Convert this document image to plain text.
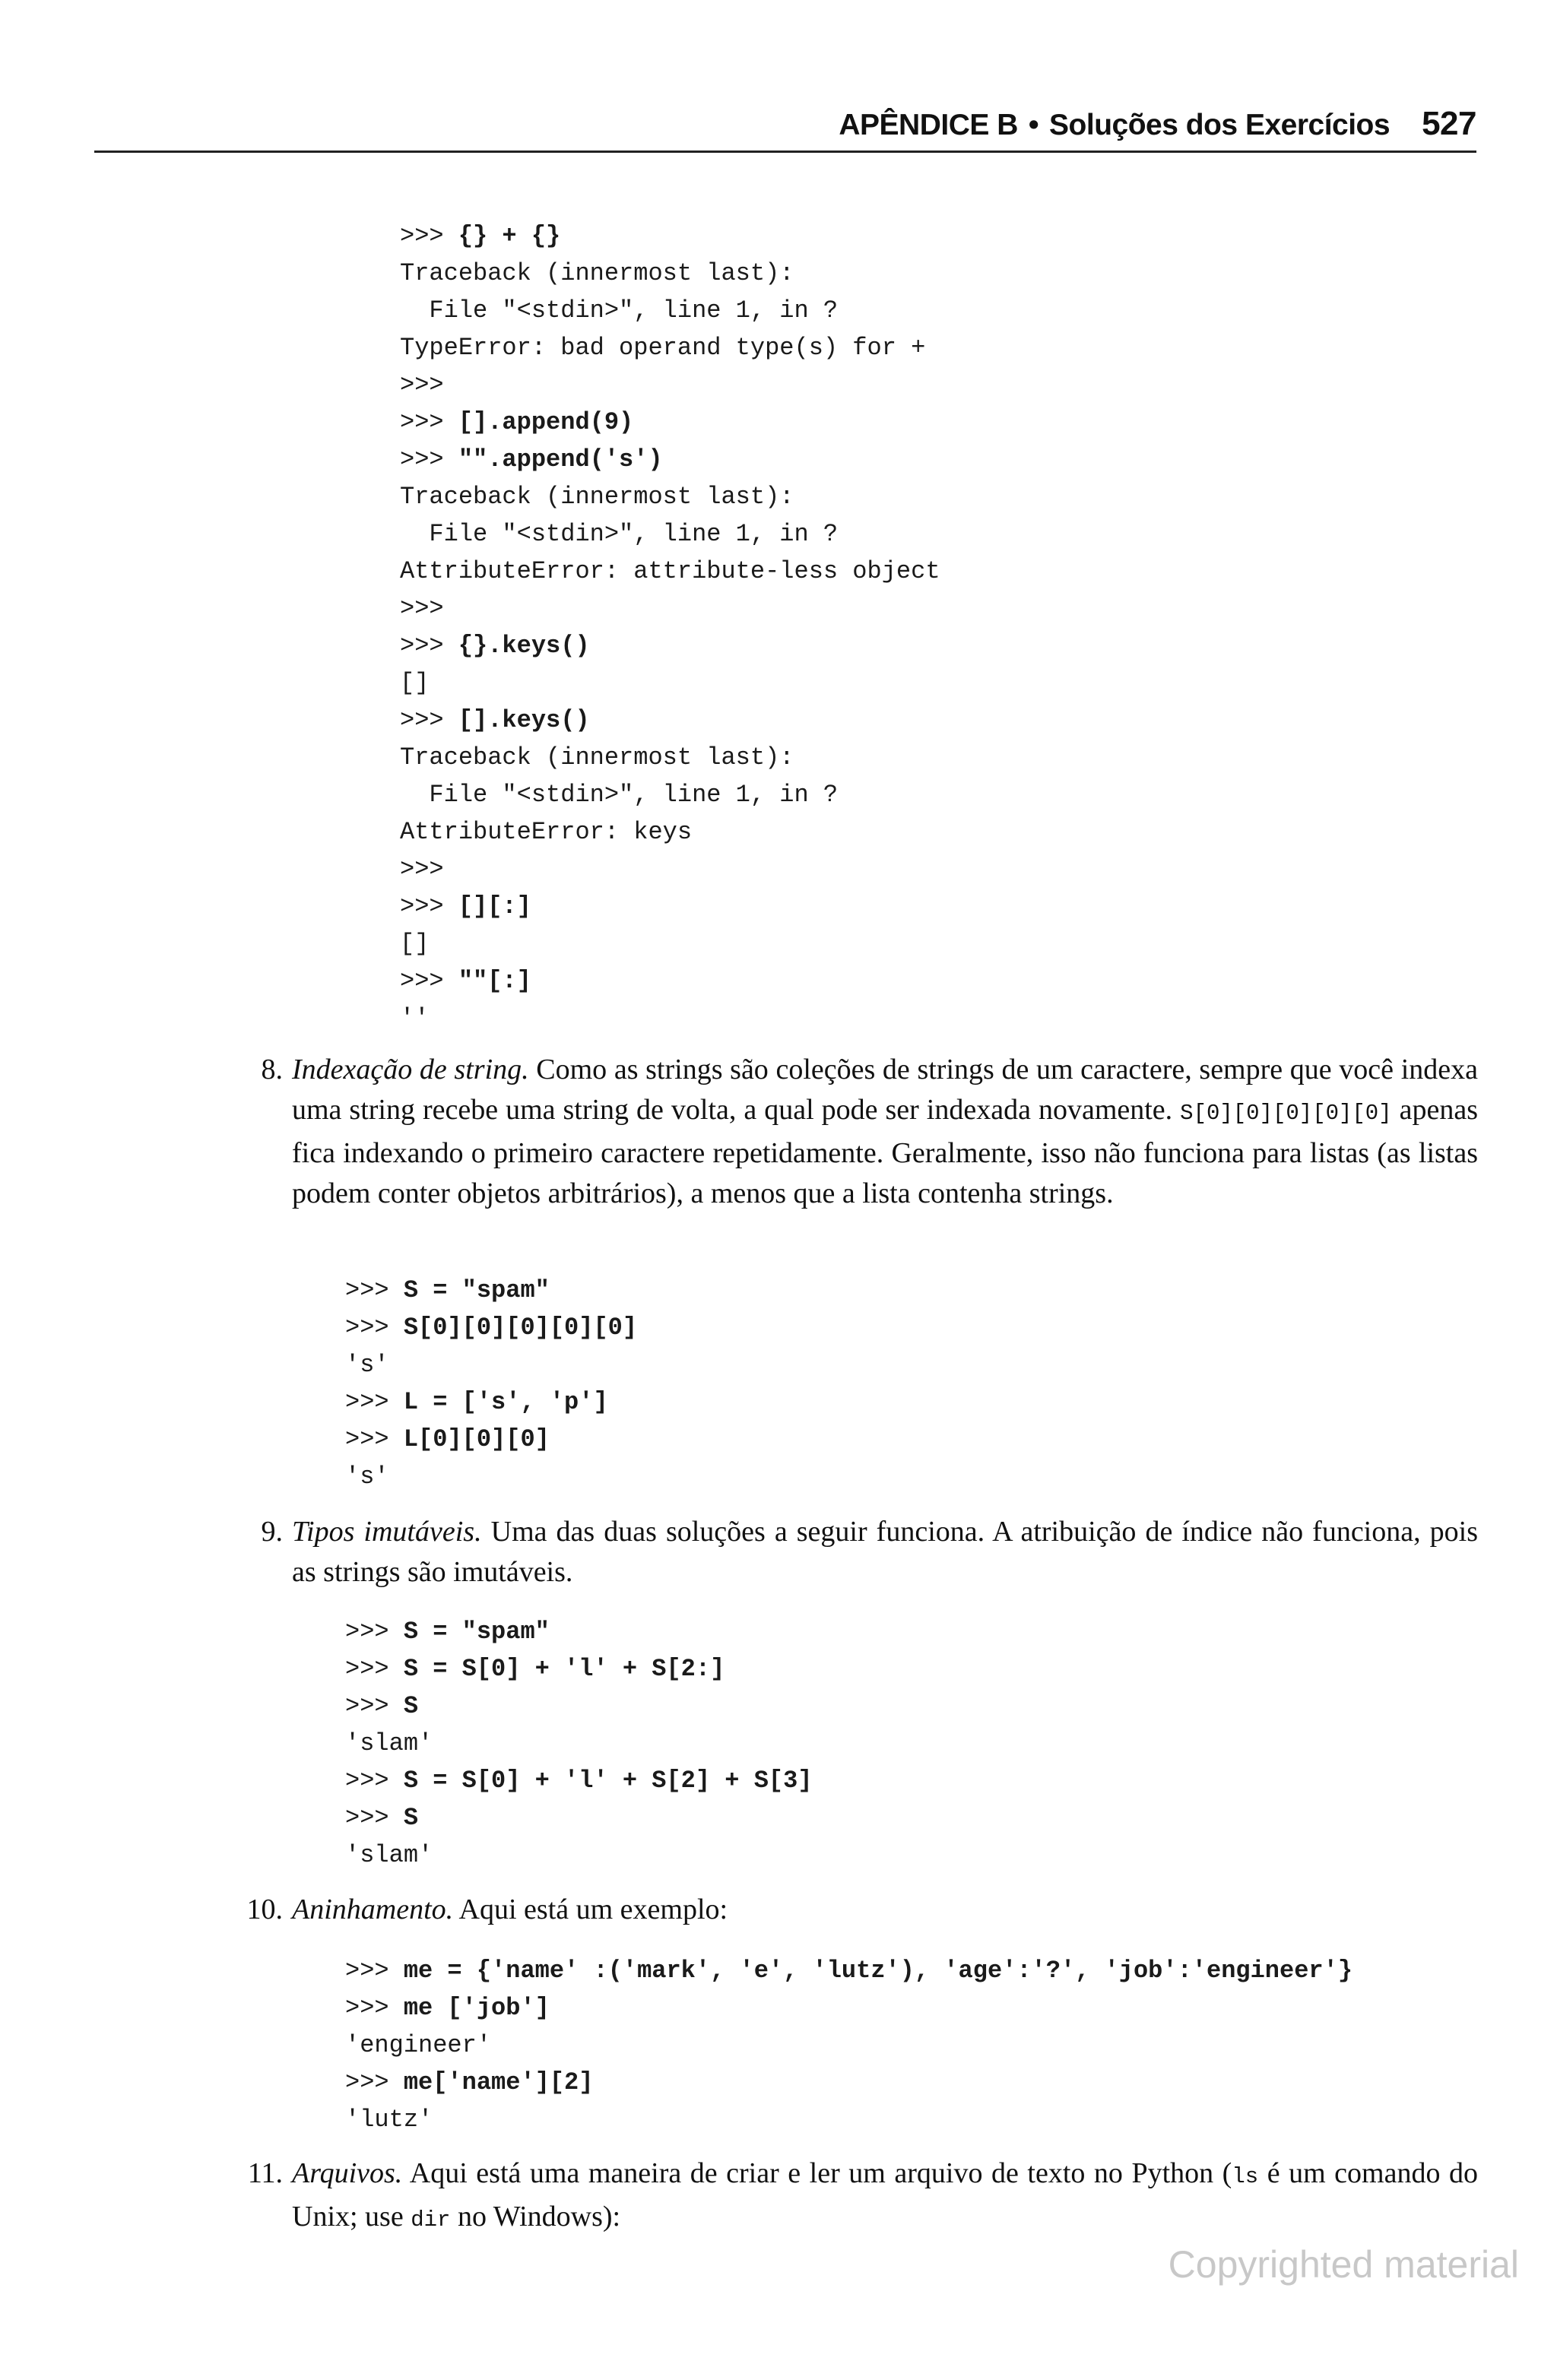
APÊNDICE B • Soluções dos Exercícios 527
>>> {} + {}
Traceback (innermost last):
File "<stdin>", line 1, in ?
TypeError: bad operand type(s) for +
>>>
>>> [].append(9)
>>> "".append('s')
Traceback (innermost last):
File "<stdin>", line 1, in ?
AttributeError: attribute-less object
>>>
>>> {}.keys()
[]
>>> [].keys()
Traceback (innermost last):
File "<stdin>", line 1, in ?
AttributeError: keys
>>>
>>> [][:]
[]
>>> ""[:]
''
8. Indexação de string. Como as strings são coleções de strings de um caractere, sempre que você indexa uma string recebe uma string de volta, a qual pode ser indexada novamente. S[0][0][0][0][0] apenas fica indexando o primeiro caractere repetidamente. Geralmente, isso não funciona para listas (as listas podem conter objetos arbitrários), a menos que a lista contenha strings.
>>> S = "spam"
>>> S[0][0][0][0][0]
's'
>>> L = ['s', 'p']
>>> L[0][0][0]
's'
9. Tipos imutáveis. Uma das duas soluções a seguir funciona. A atribuição de índice não funciona, pois as strings são imutáveis.
>>> S = "spam"
>>> S = S[0] + 'l' + S[2:]
>>> S
'slam'
>>> S = S[0] + 'l' + S[2] + S[3]
>>> S
'slam'
10. Aninhamento. Aqui está um exemplo:
>>> me = {'name' :('mark', 'e', 'lutz'), 'age':'?', 'job':'engineer'}
>>> me ['job']
'engineer'
>>> me['name'][2]
'lutz'
11. Arquivos. Aqui está uma maneira de criar e ler um arquivo de texto no Python (ls é um comando do Unix; use dir no Windows):
Copyrighted material
